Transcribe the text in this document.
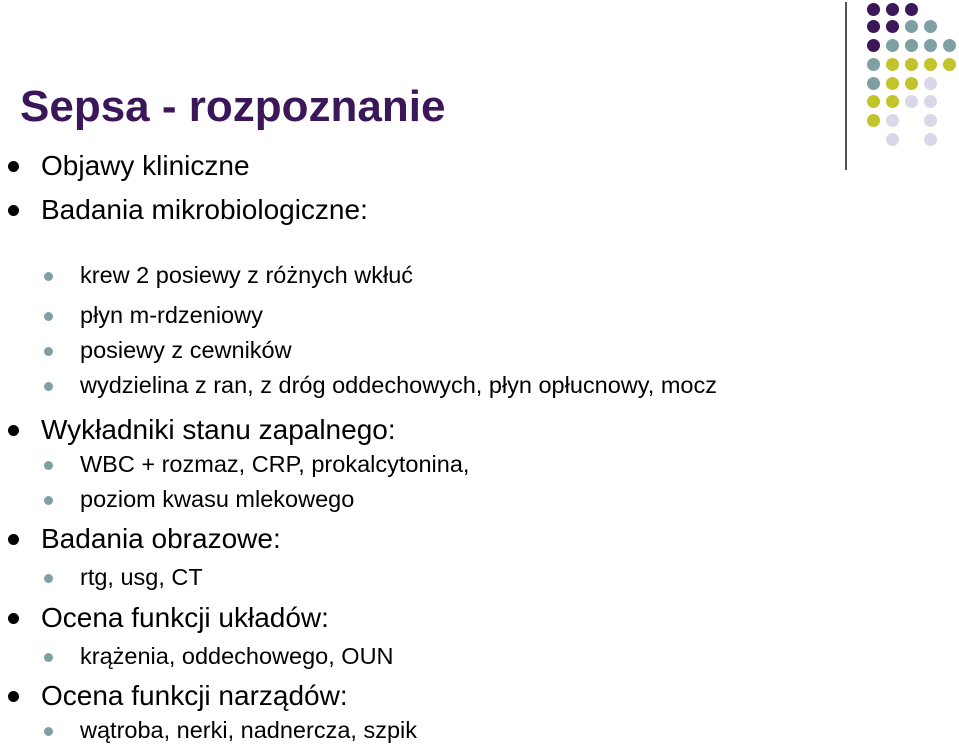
Sepsa - rozpoznanie
Objawy kliniczne
Badania mikrobiologiczne:
krew 2 posiewy z różnych wkłuć
płyn m-rdzeniowy
posiewy z cewników
wydzielina z ran, z dróg oddechowych, płyn opłucnowy, mocz
Wykładniki stanu zapalnego:
WBC + rozmaz, CRP, prokalcytonina,
poziom kwasu mlekowego
Badania obrazowe:
rtg, usg, CT
Ocena funkcji układów:
krążenia, oddechowego, OUN
Ocena funkcji narządów:
wątroba, nerki, nadnercza, szpik
